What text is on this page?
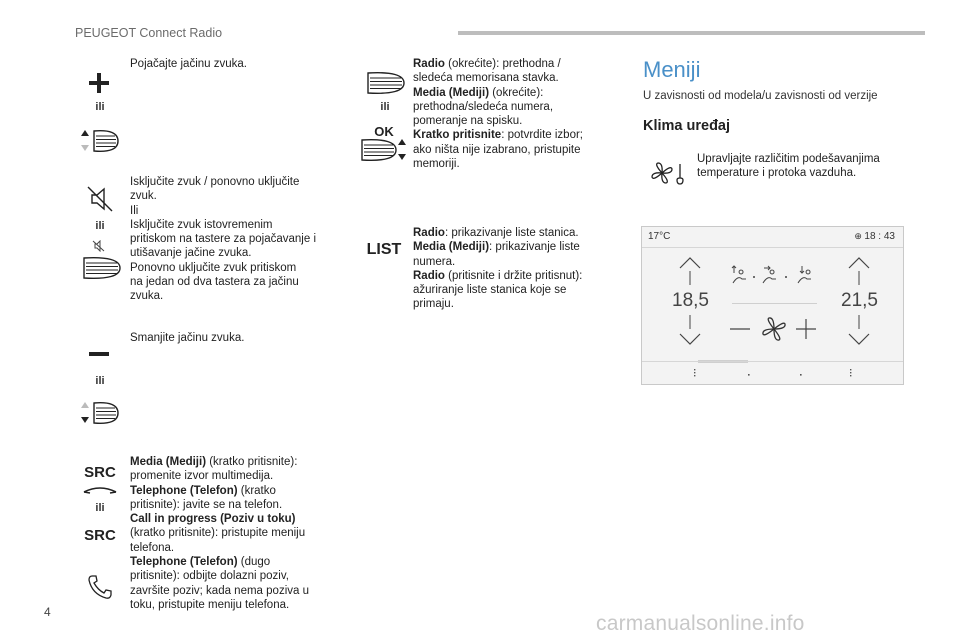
PEUGEOT Connect Radio
ili
Pojačajte jačinu zvuka.
ili
Isključite zvuk / ponovno uključite
zvuk.
Ili
Isključite zvuk istovremenim
pritiskom na tastere za pojačavanje i
utišavanje jačine zvuka.
Ponovno uključite zvuk pritiskom
na jedan od dva tastera za jačinu
zvuka.
ili
Smanjite jačinu zvuka.
SRC
ili
SRC
Media (Mediji) (kratko pritisnite):
promenite izvor multimedija.
Telephone (Telefon) (kratko
pritisnite): javite se na telefon.
Call in progress (Poziv u toku)
(kratko pritisnite): pristupite meniju
telefona.
Telephone (Telefon) (dugo
pritisnite): odbijte dolazni poziv,
završite poziv; kada nema poziva u
toku, pristupite meniju telefona.
ili
OK
Radio (okrećite): prethodna /
sledeća memorisana stavka.
Media (Mediji) (okrećite):
prethodna/sledeća numera,
pomeranje na spisku.
Kratko pritisnite: potvrdite izbor;
ako ništa nije izabrano, pristupite
memoriji.
LIST
Radio: prikazivanje liste stanica.
Media (Mediji): prikazivanje liste
numera.
Radio (pritisnite i držite pritisnut):
ažuriranje liste stanica koje se
primaju.
Meniji
U zavisnosti od modela/u zavisnosti od verzije
Klima uređaj
Upravljajte različitim podešavanjima
temperature i protoka vazduha.
17°C	⊕ 18 : 43
18,5	21,5
4	carmanualsonline.info
